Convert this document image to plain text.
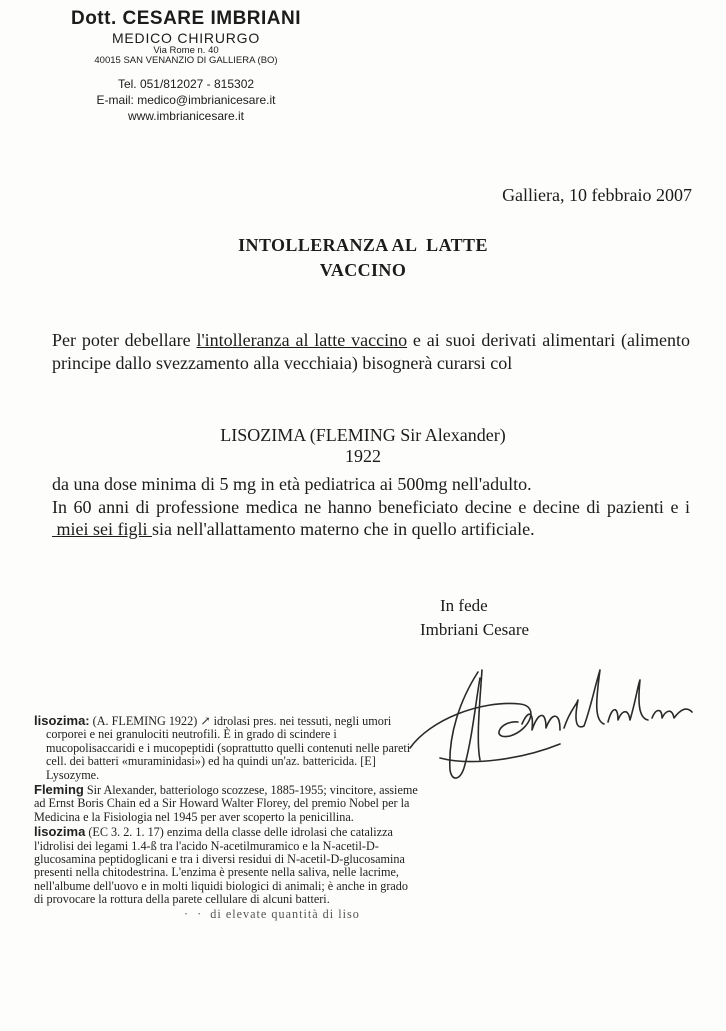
Dott. CESARE IMBRIANI
MEDICO CHIRURGO
Via Rome n. 40
40015 SAN VENANZIO DI GALLIERA (BO)
Tel. 051/812027 - 815302
E-mail: medico@imbrianicesare.it
www.imbrianicesare.it
Galliera, 10 febbraio 2007
INTOLLERANZA AL  LATTE
VACCINO
Per poter debellare l'intolleranza al latte vaccino e ai suoi derivati alimentari (alimento principe dallo svezzamento alla vecchiaia) bisognerà curarsi col
LISOZIMA (FLEMING Sir Alexander)
1922
da una dose minima di 5 mg in età pediatrica ai 500mg nell'adulto.
In 60 anni di professione medica ne hanno beneficiato decine e decine di pazienti e i miei sei figli sia nell'allattamento materno che in quello artificiale.
In fede
Imbriani Cesare
lisozima: (A. FLEMING 1922) ↗ idrolasi pres. nei tessuti, negli umori corporei e nei granulociti neutrofili. È in grado di scindere i mucopolisaccaridi e i mucopeptidi (soprattutto quelli contenuti nelle pareti cell. dei batteri «muraminidasi») ed ha quindi un'az. battericida. [E] Lysozyme.
Fleming Sir Alexander, batteriologo scozzese, 1885-1955; vincitore, assieme ad Ernst Boris Chain ed a Sir Howard Walter Florey, del premio Nobel per la Medicina e la Fisiologia nel 1945 per aver scoperto la penicillina.
lisozima (EC 3. 2. 1. 17) enzima della classe delle idrolasi che catalizza l'idrolisi dei legami 1.4-ß tra l'acido N-acetilmuramico e la N-acetil-D-glucosamina peptidoglicani e tra i diversi residui di N-acetil-D-glucosamina presenti nella chitodestrina. L'enzima è presente nella saliva, nelle lacrime, nell'albume dell'uovo e in molti liquidi biologici di animali; è anche in grado di provocare la rottura della parete cellulare di alcuni batteri.
·  ·  di elevate quantità di liso
